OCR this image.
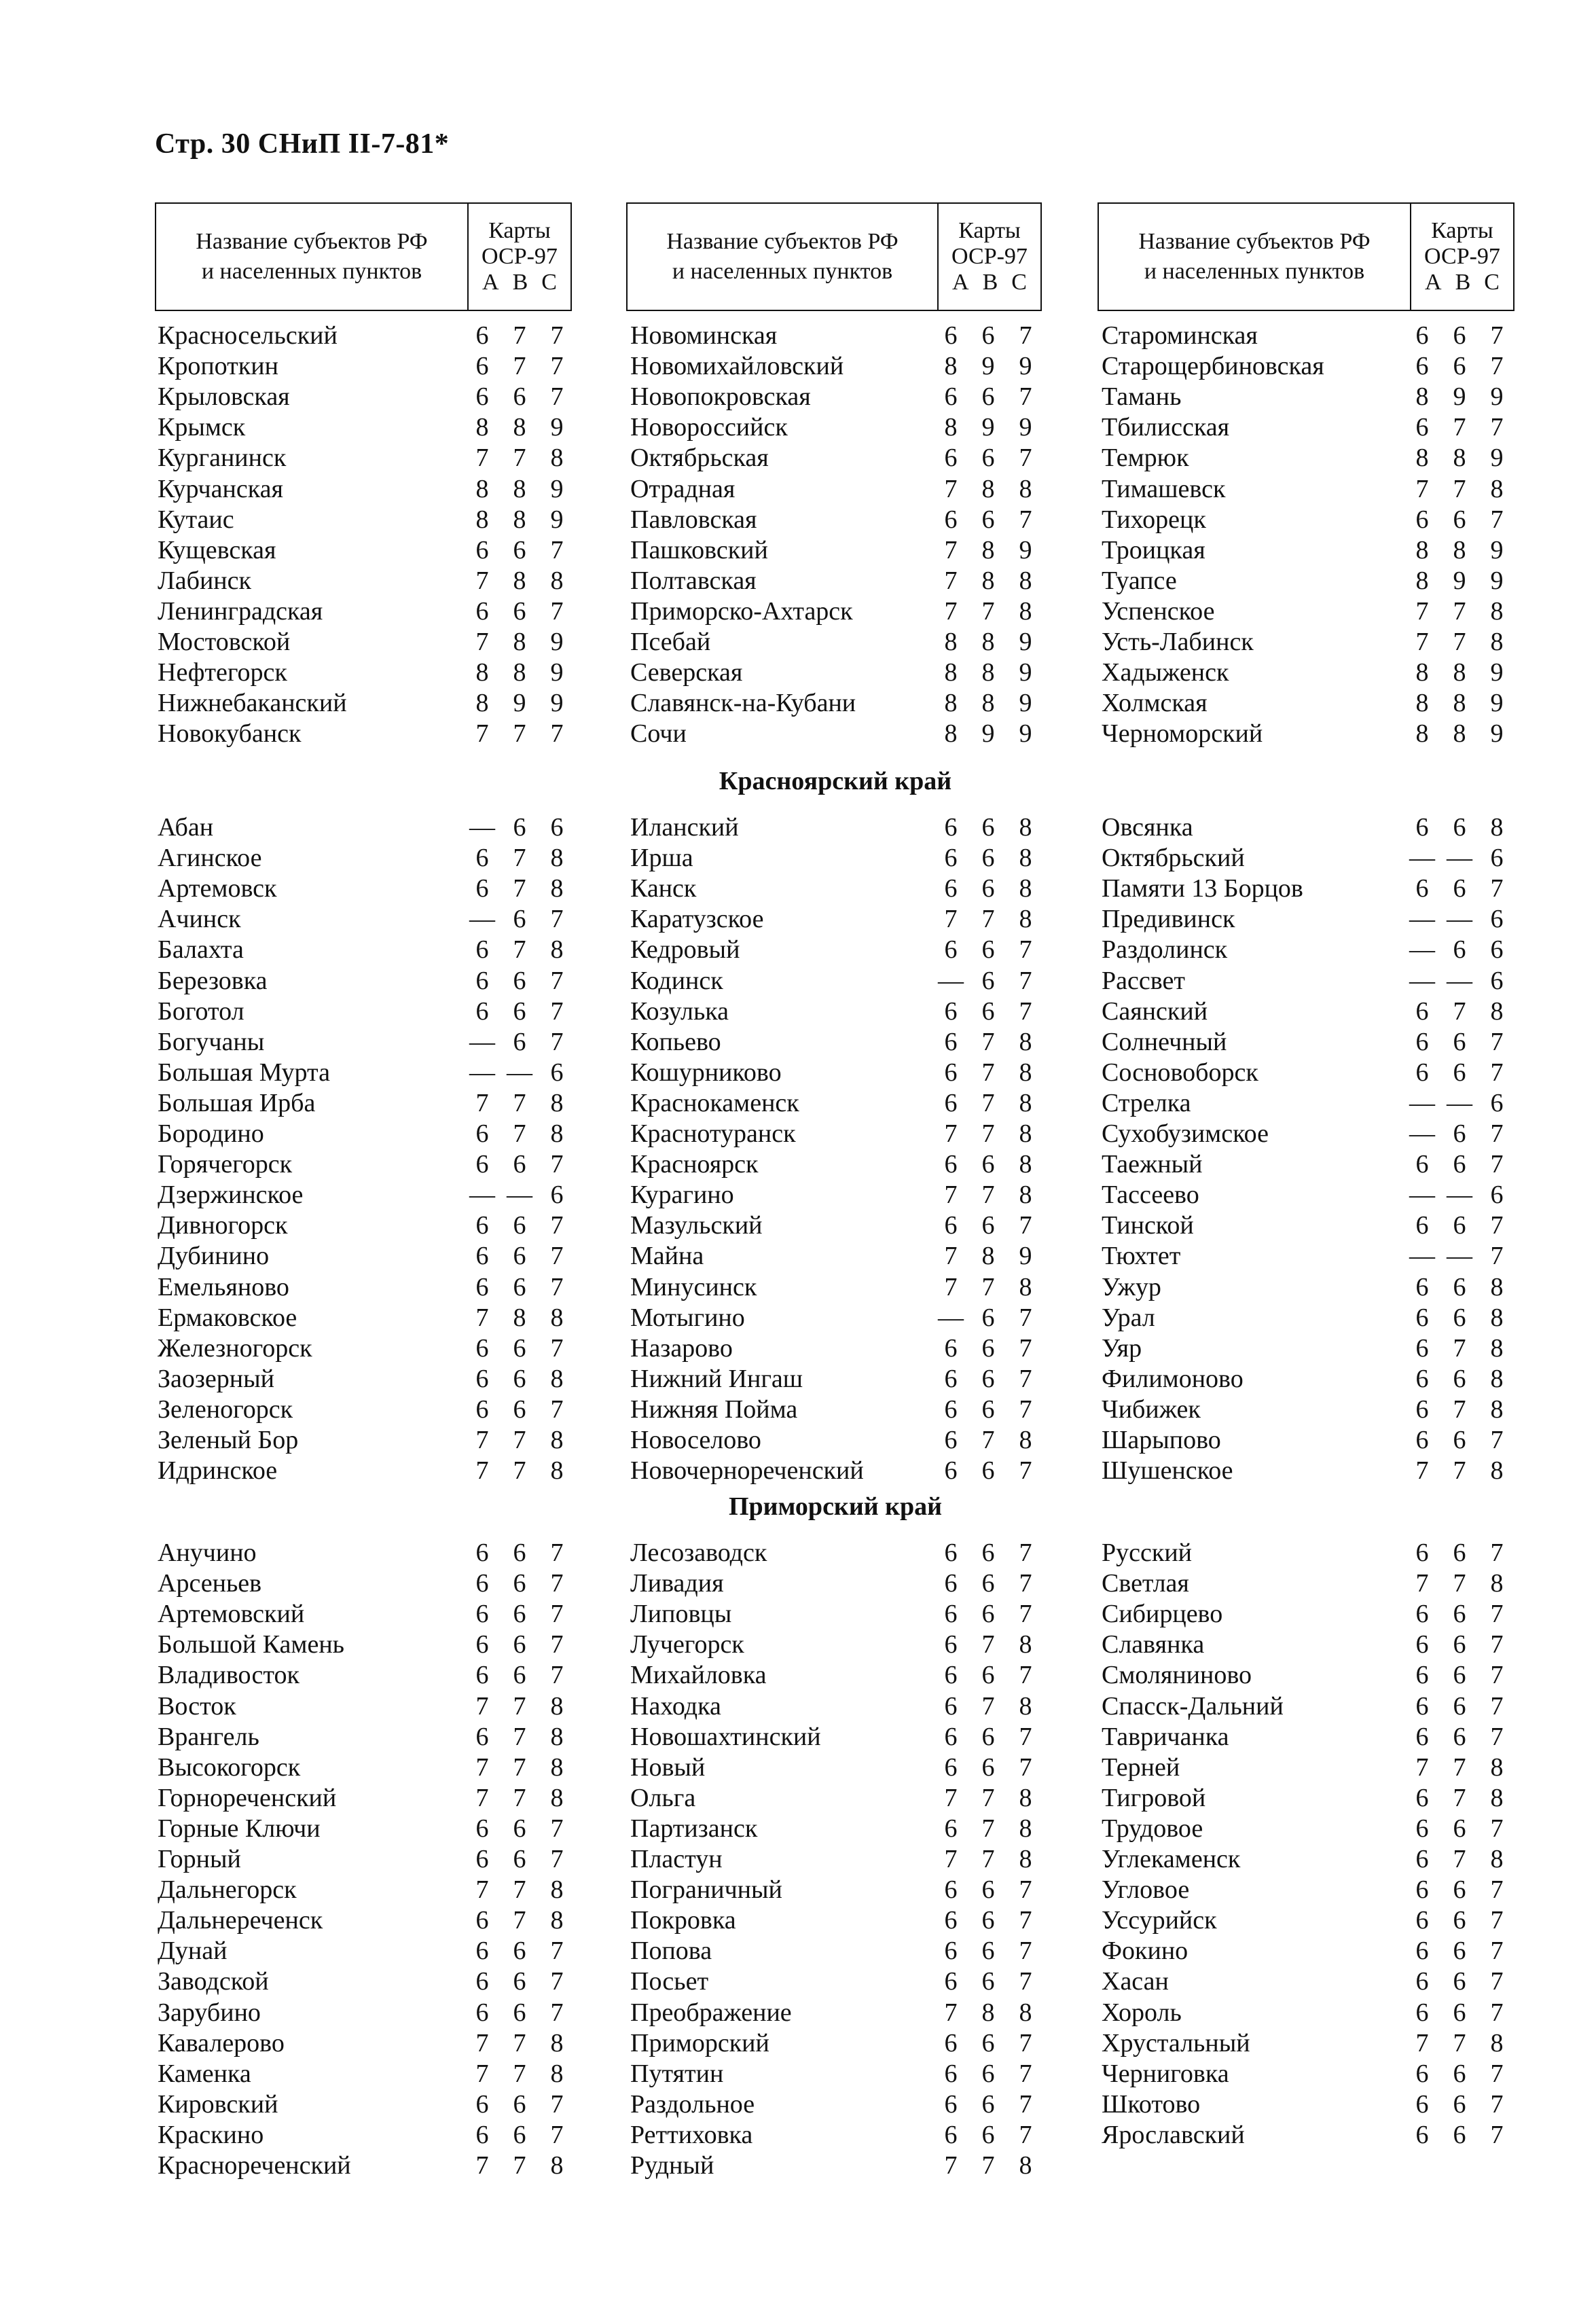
Стр. 30 СНиП II-7-81*
Название субъектов РФ
и населенных пунктов
Карты
ОСР-97
A B C
Название субъектов РФ
и населенных пунктов
Карты
ОСР-97
A B C
Название субъектов РФ
и населенных пунктов
Карты
ОСР-97
A B C
Красносельский	6 7 7
Кропоткин	6 7 7
Крыловская	6 6 7
Крымск	8 8 9
Курганинск	7 7 8
Курчанская	8 8 9
Кутаис	8 8 9
Кущевская	6 6 7
Лабинск	7 8 8
Ленинградская	6 6 7
Мостовской	7 8 9
Нефтегорск	8 8 9
Нижнебаканский	8 9 9
Новокубанск	7 7 7
Новоминская	6 6 7
Новомихайловский	8 9 9
Новопокровская	6 6 7
Новороссийск	8 9 9
Октябрьская	6 6 7
Отрадная	7 8 8
Павловская	6 6 7
Пашковский	7 8 9
Полтавская	7 8 8
Приморско-Ахтарск	7 7 8
Псебай	8 8 9
Северская	8 8 9
Славянск-на-Кубани	8 8 9
Сочи	8 9 9
Староминская	6 6 7
Старощербиновская	6 6 7
Тамань	8 9 9
Тбилисская	6 7 7
Темрюк	8 8 9
Тимашевск	7 7 8
Тихорецк	6 6 7
Троицкая	8 8 9
Туапсе	8 9 9
Успенское	7 7 8
Усть-Лабинск	7 7 8
Хадыженск	8 8 9
Холмская	8 8 9
Черноморский	8 8 9
Красноярский край
Абан	— 6 6
Агинское	6 7 8
Артемовск	6 7 8
Ачинск	— 6 7
Балахта	6 7 8
Березовка	6 6 7
Боготол	6 6 7
Богучаны	— 6 7
Большая Мурта	— — 6
Большая Ирба	7 7 8
Бородино	6 7 8
Горячегорск	6 6 7
Дзержинское	— — 6
Дивногорск	6 6 7
Дубинино	6 6 7
Емельяново	6 6 7
Ермаковское	7 8 8
Железногорск	6 6 7
Заозерный	6 6 8
Зеленогорск	6 6 7
Зеленый Бор	7 7 8
Идринское	7 7 8
Иланский	6 6 8
Ирша	6 6 8
Канск	6 6 8
Каратузское	7 7 8
Кедровый	6 6 7
Кодинск	— 6 7
Козулька	6 6 7
Копьево	6 7 8
Кошурниково	6 7 8
Краснокаменск	6 7 8
Краснотуранск	7 7 8
Красноярск	6 6 8
Курагино	7 7 8
Мазульский	6 6 7
Майна	7 8 9
Минусинск	7 7 8
Мотыгино	— 6 7
Назарово	6 6 7
Нижний Ингаш	6 6 7
Нижняя Пойма	6 6 7
Новоселово	6 7 8
Новочернореченский	6 6 7
Овсянка	6 6 8
Октябрьский	— — 6
Памяти 13 Борцов	6 6 7
Предивинск	— — 6
Раздолинск	— 6 6
Рассвет	— — 6
Саянский	6 7 8
Солнечный	6 6 7
Сосновоборск	6 6 7
Стрелка	— — 6
Сухобузимское	— 6 7
Таежный	6 6 7
Тассеево	— — 6
Тинской	6 6 7
Тюхтет	— — 7
Ужур	6 6 8
Урал	6 6 8
Уяр	6 7 8
Филимоново	6 6 8
Чибижек	6 7 8
Шарыпово	6 6 7
Шушенское	7 7 8
Приморский край
Анучино	6 6 7
Арсеньев	6 6 7
Артемовский	6 6 7
Большой Камень	6 6 7
Владивосток	6 6 7
Восток	7 7 8
Врангель	6 7 8
Высокогорск	7 7 8
Горнореченский	7 7 8
Горные Ключи	6 6 7
Горный	6 6 7
Дальнегорск	7 7 8
Дальнереченск	6 7 8
Дунай	6 6 7
Заводской	6 6 7
Зарубино	6 6 7
Кавалерово	7 7 8
Каменка	7 7 8
Кировский	6 6 7
Краскино	6 6 7
Краснореченский	7 7 8
Лесозаводск	6 6 7
Ливадия	6 6 7
Липовцы	6 6 7
Лучегорск	6 7 8
Михайловка	6 6 7
Находка	6 7 8
Новошахтинский	6 6 7
Новый	6 6 7
Ольга	7 7 8
Партизанск	6 7 8
Пластун	7 7 8
Пограничный	6 6 7
Покровка	6 6 7
Попова	6 6 7
Посьет	6 6 7
Преображение	7 8 8
Приморский	6 6 7
Путятин	6 6 7
Раздольное	6 6 7
Реттиховка	6 6 7
Рудный	7 7 8
Русский	6 6 7
Светлая	7 7 8
Сибирцево	6 6 7
Славянка	6 6 7
Смоляниново	6 6 7
Спасск-Дальний	6 6 7
Тавричанка	6 6 7
Терней	7 7 8
Тигровой	6 7 8
Трудовое	6 6 7
Углекаменск	6 7 8
Угловое	6 6 7
Уссурийск	6 6 7
Фокино	6 6 7
Хасан	6 6 7
Хороль	6 6 7
Хрустальный	7 7 8
Черниговка	6 6 7
Шкотово	6 6 7
Ярославский	6 6 7
